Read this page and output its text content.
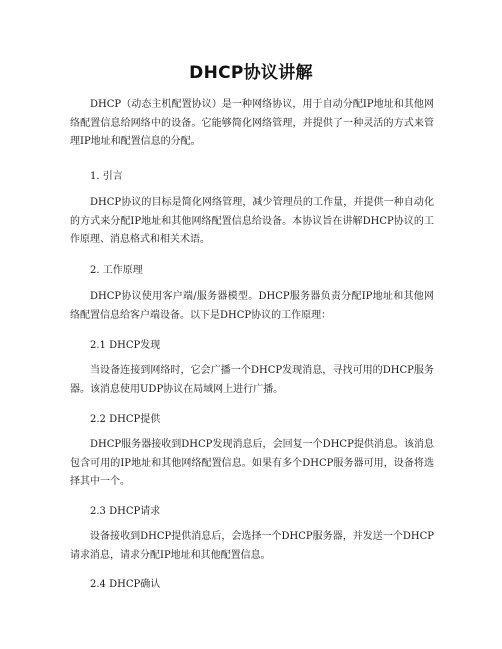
DHCP协议讲解

DHCP（动态主机配置协议）是一种网络协议，用于自动分配IP地址和其他网络配置信息给网络中的设备。它能够简化网络管理，并提供了一种灵活的方式来管理IP地址和配置信息的分配。

1. 引言

DHCP协议的目标是简化网络管理，减少管理员的工作量，并提供一种自动化的方式来分配IP地址和其他网络配置信息给设备。本协议旨在讲解DHCP协议的工作原理、消息格式和相关术语。

2. 工作原理

DHCP协议使用客户端/服务器模型。DHCP服务器负责分配IP地址和其他网络配置信息给客户端设备。以下是DHCP协议的工作原理：

2.1 DHCP发现

当设备连接到网络时，它会广播一个DHCP发现消息，寻找可用的DHCP服务器。该消息使用UDP协议在局域网上进行广播。

2.2 DHCP提供

DHCP服务器接收到DHCP发现消息后，会回复一个DHCP提供消息。该消息包含可用的IP地址和其他网络配置信息。如果有多个DHCP服务器可用，设备将选择其中一个。

2.3 DHCP请求

设备接收到DHCP提供消息后，会选择一个DHCP服务器，并发送一个DHCP请求消息，请求分配IP地址和其他配置信息。

2.4 DHCP确认
